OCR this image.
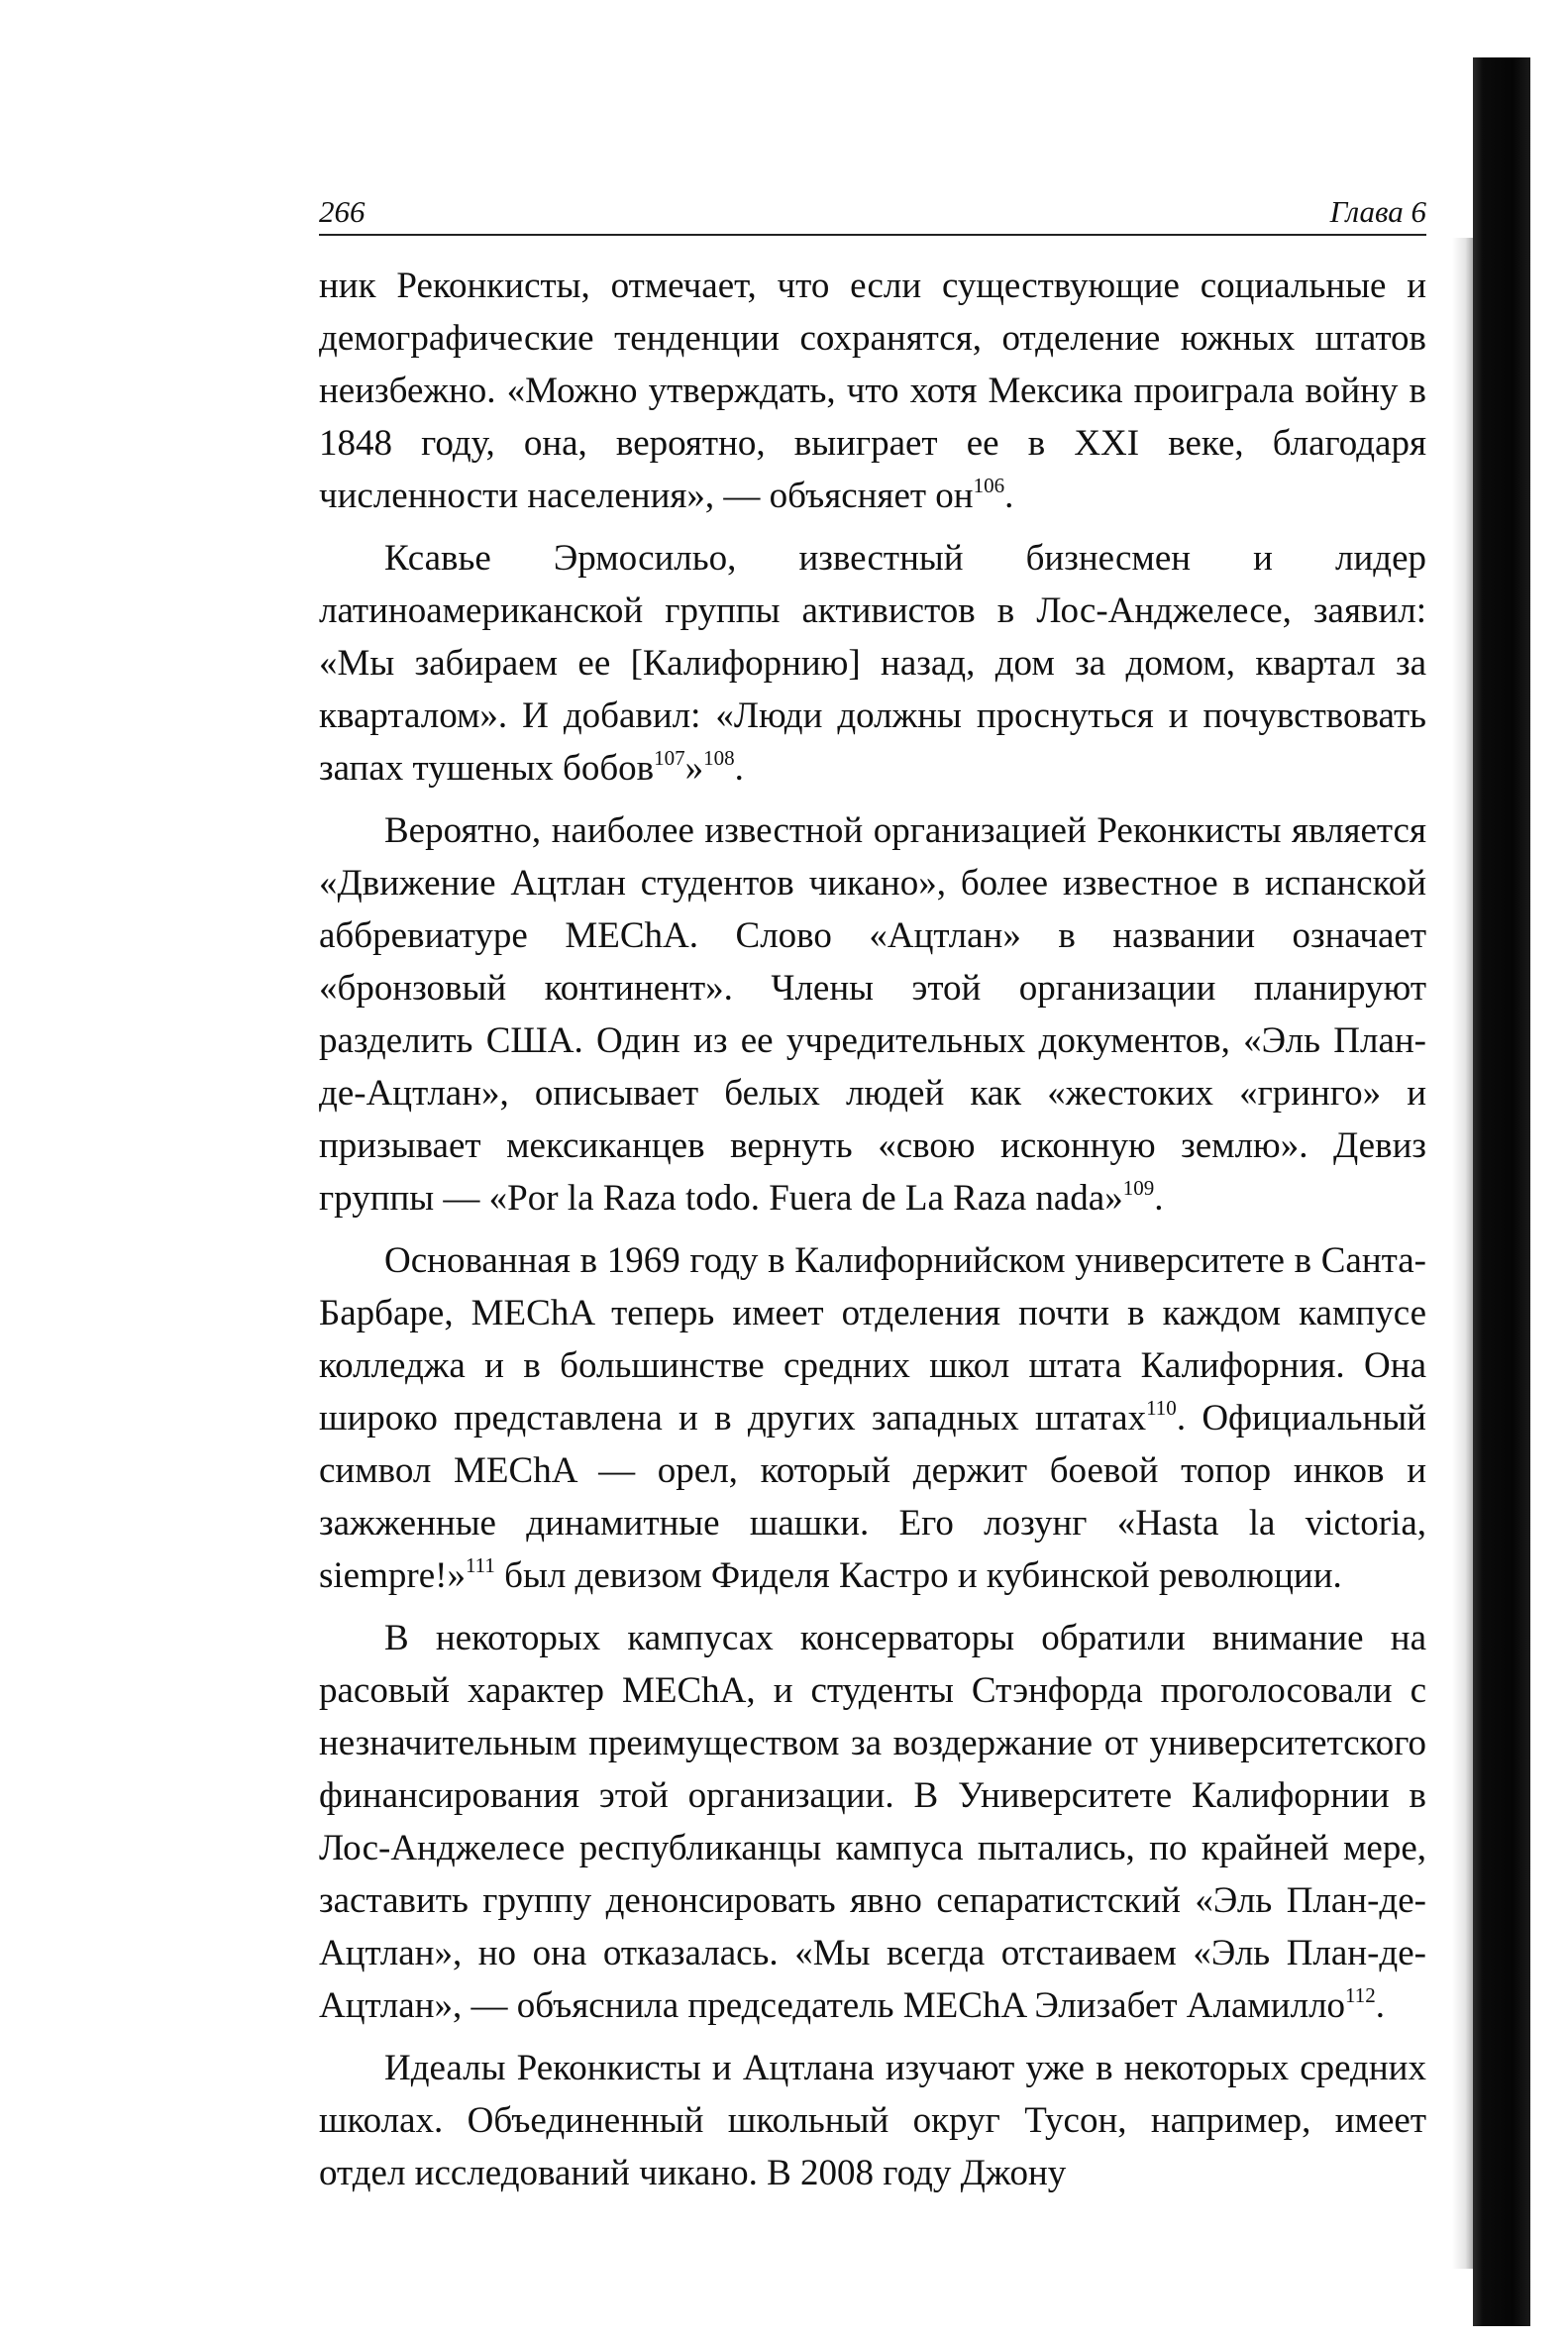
266	Глава 6

ник Реконкисты, отмечает, что если существующие социальные и демографические тенденции сохранятся, отделение южных штатов неизбежно. «Можно утверждать, что хотя Мексика проиграла войну в 1848 году, она, вероятно, выиграет ее в XXI веке, благодаря численности населения», — объясняет $он^{106}$.

Ксавье Эрмосильо, известный бизнесмен и лидер латиноамериканской группы активистов в Лос-Анджелесе, заявил: «Мы забираем ее [Калифорнию] назад, дом за домом, квартал за кварталом». И добавил: «Люди должны проснуться и почувствовать запах тушеных бобов$^{107}$»$^{108}$.

Вероятно, наиболее известной организацией Реконкисты является «Движение Ацтлан студентов чикано», более известное в испанской аббревиатуре MEChA. Слово «Ацтлан» в названии означает «бронзовый континент». Члены этой организации планируют разделить США. Один из ее учредительных документов, «Эль План-де-Ацтлан», описывает белых людей как «жестоких «гринго» и призывает мексиканцев вернуть «свою исконную землю». Девиз группы — «Por la Raza todo. Fuera de La Raza nada»$^{109}$.

Основанная в 1969 году в Калифорнийском университете в Санта-Барбаре, MEChA теперь имеет отделения почти в каждом кампусе колледжа и в большинстве средних школ штата Калифорния. Она широко представлена и в других западных штатах$^{110}$. Официальный символ MEChA — орел, который держит боевой топор инков и зажженные динамитные шашки. Его лозунг «Hasta la victoria, siempre!»$^{111}$ был девизом Фиделя Кастро и кубинской революции.

В некоторых кампусах консерваторы обратили внимание на расовый характер MEChA, и студенты Стэнфорда проголосовали с незначительным преимуществом за воздержание от университетского финансирования этой организации. В Университете Калифорнии в Лос-Анджелесе республиканцы кампуса пытались, по крайней мере, заставить группу денонсировать явно сепаратистский «Эль План-де-Ацтлан», но она отказалась. «Мы всегда отстаиваем «Эль План-де-Ацтлан», — объяснила председатель MEChA Элизабет Аламилло$^{112}$.

Идеалы Реконкисты и Ацтлана изучают уже в некоторых средних школах. Объединенный школьный округ Тусон, например, имеет отдел исследований чикано. В 2008 году Джону
